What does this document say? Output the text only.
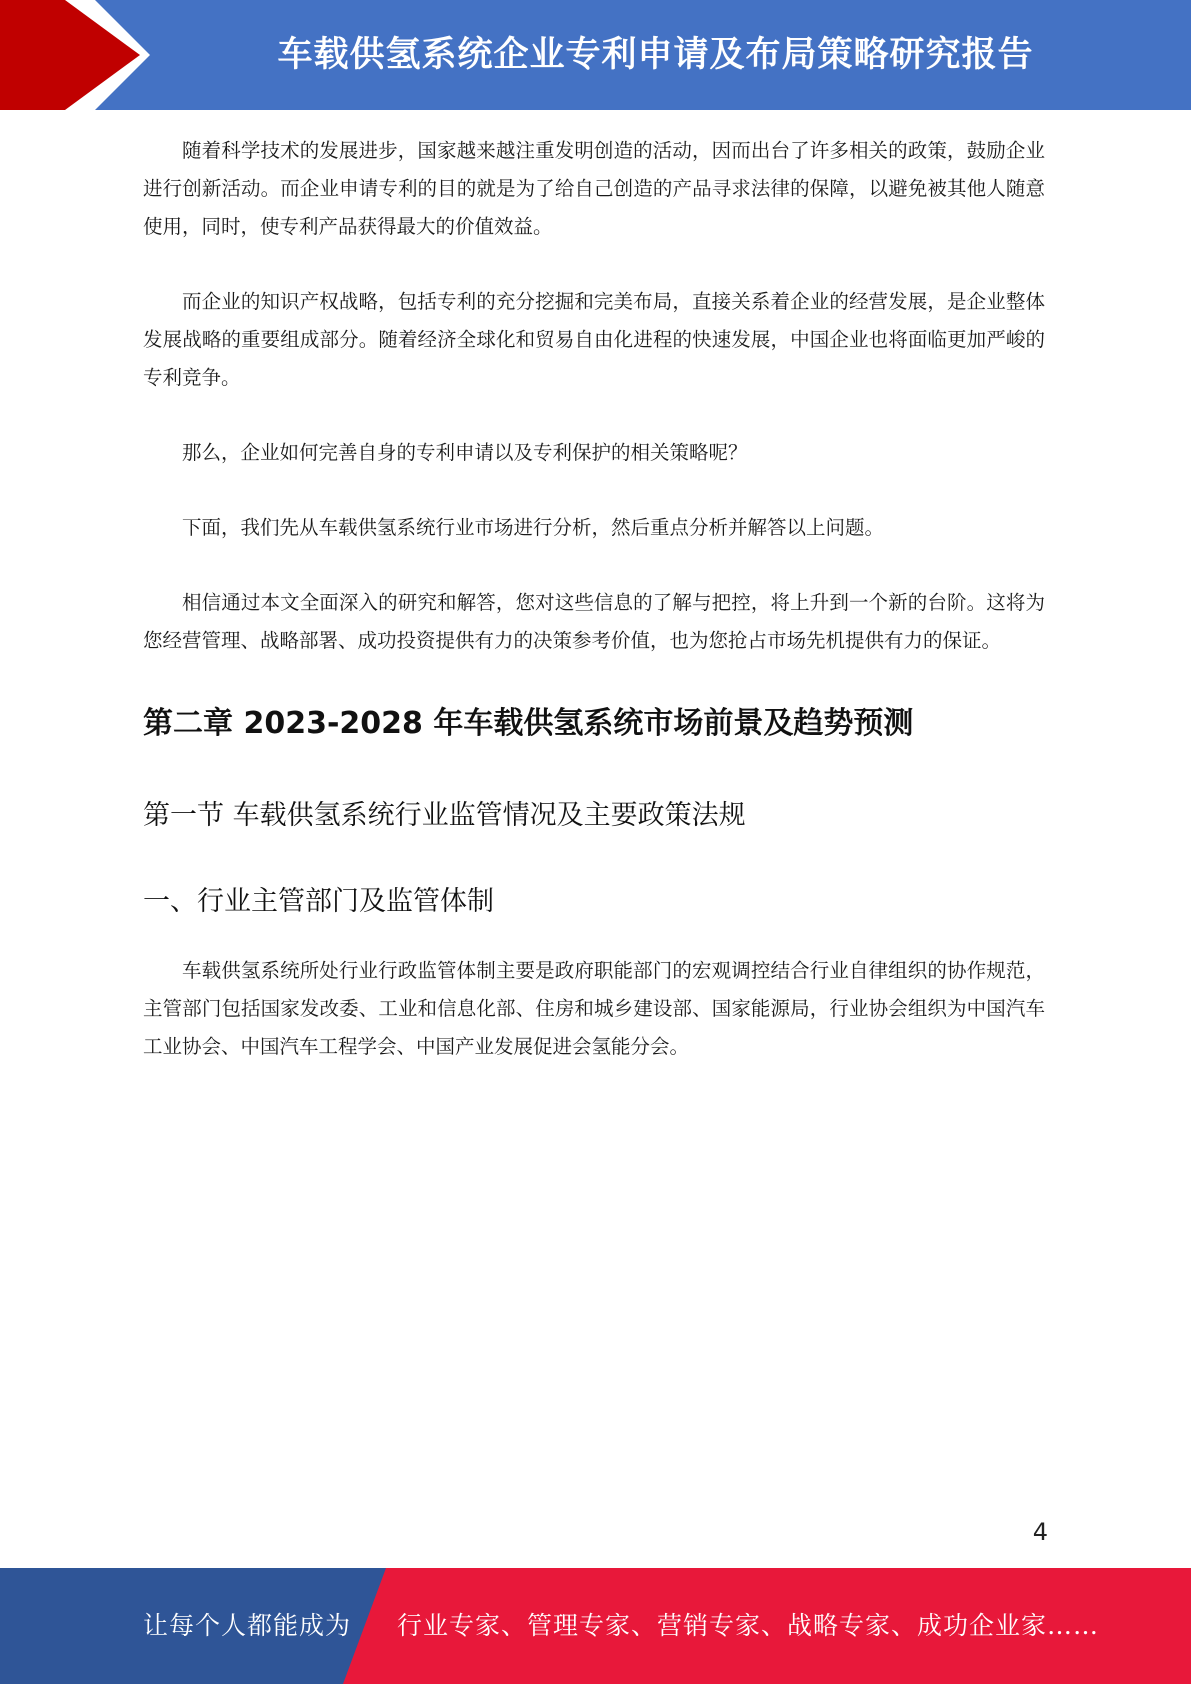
车载供氢系统企业专利申请及布局策略研究报告

随着科学技术的发展进步，国家越来越注重发明创造的活动，因而出台了许多相关的政策，鼓励企业进行创新活动。而企业申请专利的目的就是为了给自己创造的产品寻求法律的保障，以避免被其他人随意使用，同时，使专利产品获得最大的价值效益。

而企业的知识产权战略，包括专利的充分挖掘和完美布局，直接关系着企业的经营发展，是企业整体发展战略的重要组成部分。随着经济全球化和贸易自由化进程的快速发展，中国企业也将面临更加严峻的专利竞争。

那么，企业如何完善自身的专利申请以及专利保护的相关策略呢？

下面，我们先从车载供氢系统行业市场进行分析，然后重点分析并解答以上问题。

相信通过本文全面深入的研究和解答，您对这些信息的了解与把控，将上升到一个新的台阶。这将为您经营管理、战略部署、成功投资提供有力的决策参考价值，也为您抢占市场先机提供有力的保证。

第二章 2023-2028 年车载供氢系统市场前景及趋势预测
第一节 车载供氢系统行业监管情况及主要政策法规
一、行业主管部门及监管体制

车载供氢系统所处行业行政监管体制主要是政府职能部门的宏观调控结合行业自律组织的协作规范，主管部门包括国家发改委、工业和信息化部、住房和城乡建设部、国家能源局，行业协会组织为中国汽车工业协会、中国汽车工程学会、中国产业发展促进会氢能分会。

4
让每个人都能成为 行业专家、管理专家、营销专家、战略专家、成功企业家……
